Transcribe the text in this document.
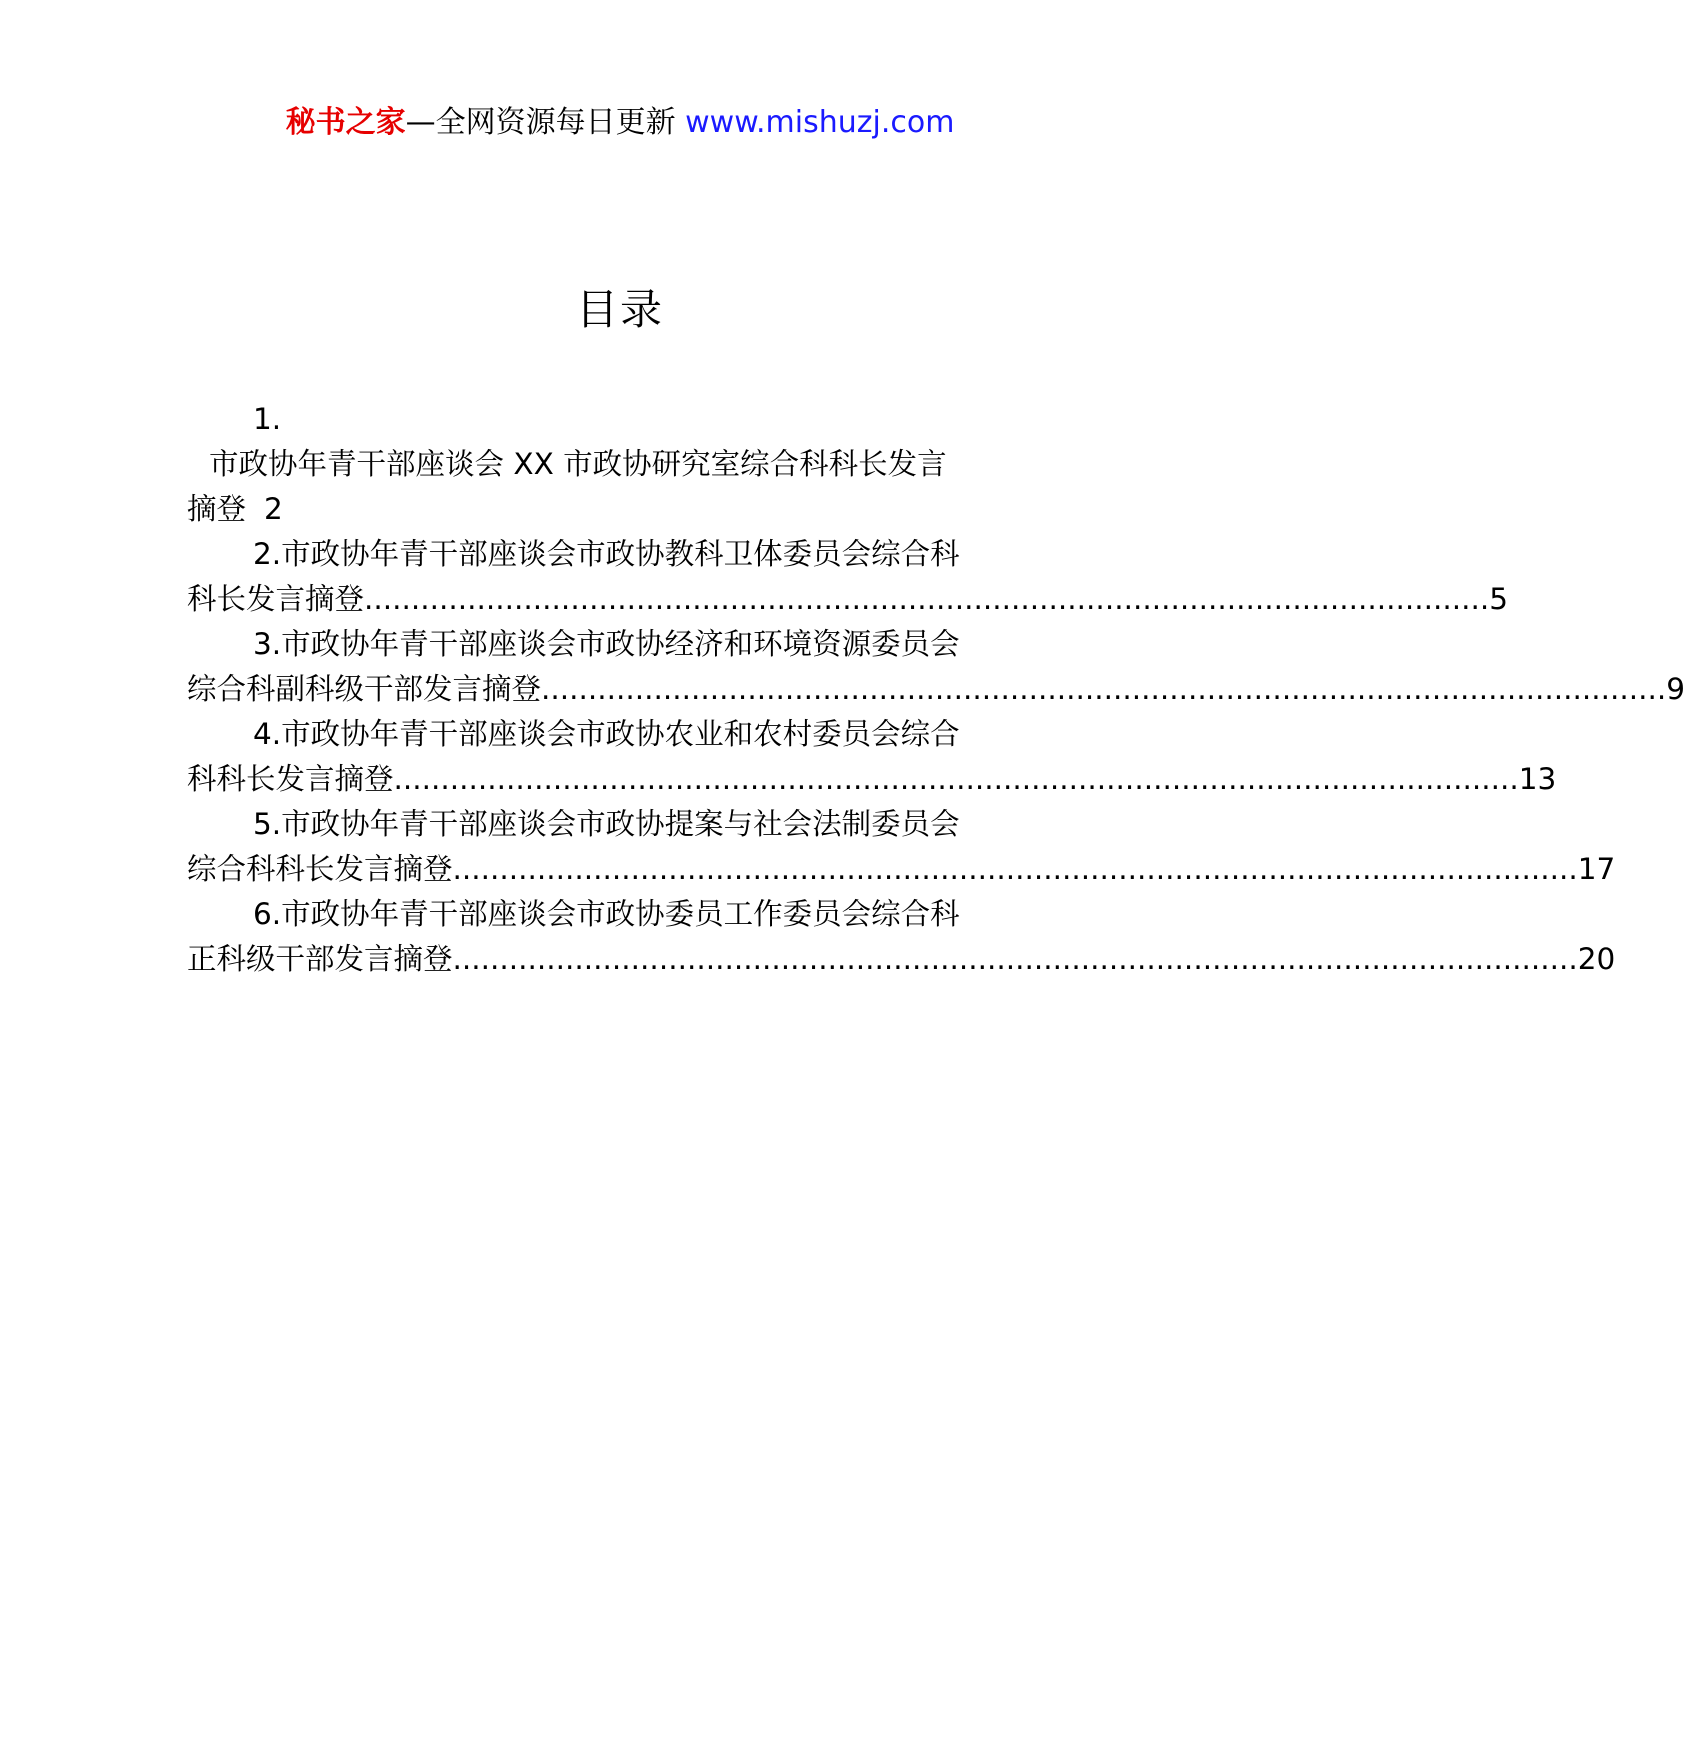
秘书之家—全网资源每日更新 www.mishuzj.com
目录
1.
市政协年青干部座谈会 XX 市政协研究室综合科科长发言
摘登 2
2.市政协年青干部座谈会市政协教科卫体委员会综合科
科长发言摘登 ........................................................................................................................ 5
3.市政协年青干部座谈会市政协经济和环境资源委员会
综合科副科级干部发言摘登 ........................................................................................................................ 9
4.市政协年青干部座谈会市政协农业和农村委员会综合
科科长发言摘登 ........................................................................................................................ 13
5.市政协年青干部座谈会市政协提案与社会法制委员会
综合科科长发言摘登 ........................................................................................................................ 17
6.市政协年青干部座谈会市政协委员工作委员会综合科
正科级干部发言摘登 ........................................................................................................................ 20
